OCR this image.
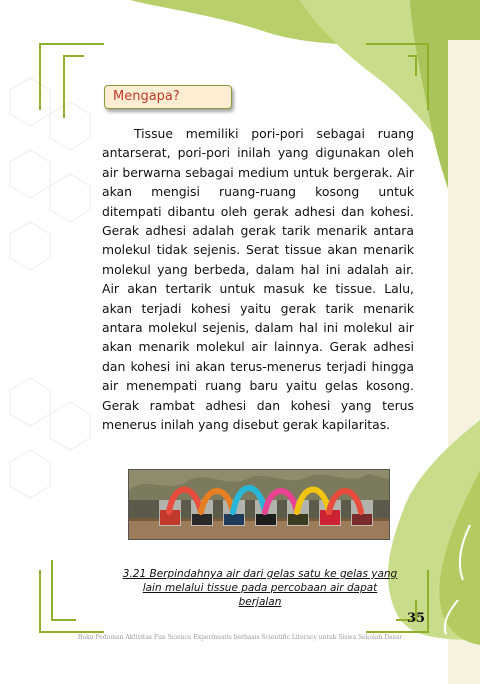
Mengapa?

Tissue memiliki pori-pori sebagai ruang antarserat, pori-pori inilah yang digunakan oleh air berwarna sebagai medium untuk bergerak. Air akan mengisi ruang-ruang kosong untuk ditempati dibantu oleh gerak adhesi dan kohesi. Gerak adhesi adalah gerak tarik menarik antara molekul tidak sejenis. Serat tissue akan menarik molekul yang berbeda, dalam hal ini adalah air. Air akan tertarik untuk masuk ke tissue. Lalu, akan terjadi kohesi yaitu gerak tarik menarik antara molekul sejenis, dalam hal ini molekul air akan menarik molekul air lainnya. Gerak adhesi dan kohesi ini akan terus-menerus terjadi hingga air menempati ruang baru yaitu gelas kosong. Gerak rambat adhesi dan kohesi yang terus menerus inilah yang disebut gerak kapilaritas.

3.21 Berpindahnya air dari gelas satu ke gelas yang lain melalui tissue pada percobaan air dapat berjalan
35
Buku Pedoman Aktivitas Fun Science Experiments berbasis Scientific Literacy untuk Siswa Sekolah Dasar
